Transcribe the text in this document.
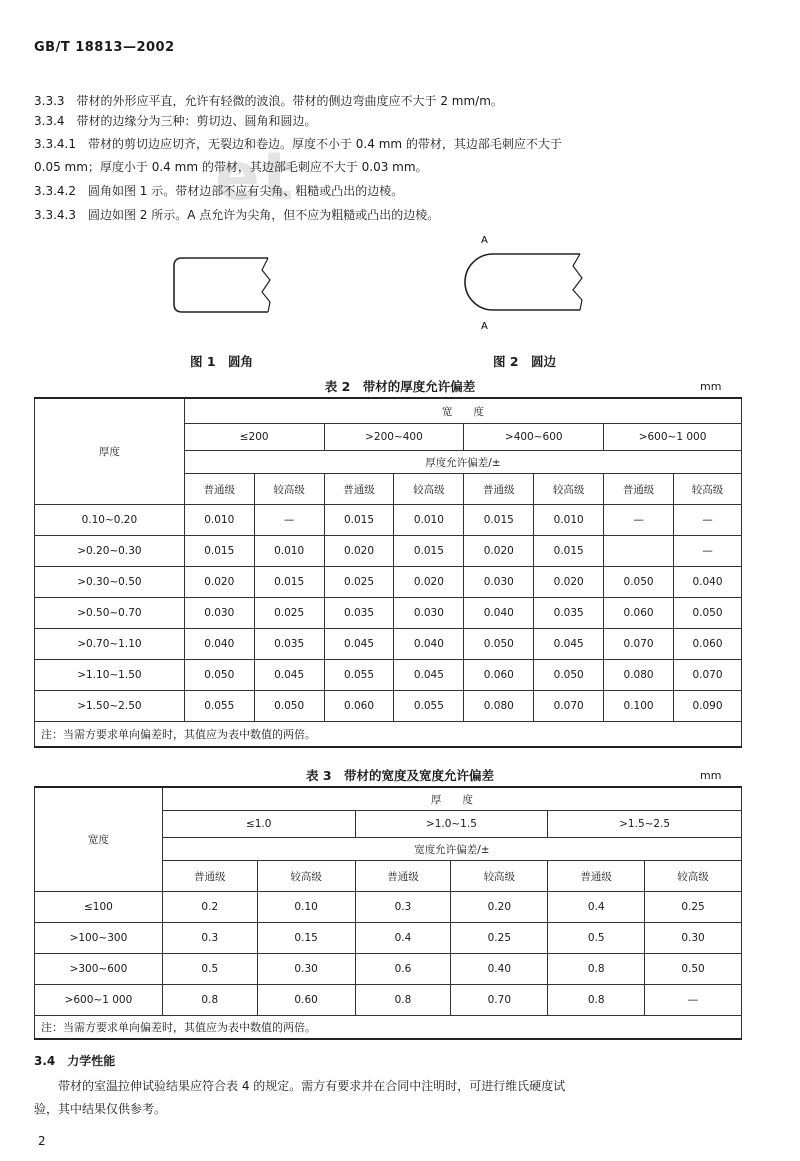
GB/T 18813—2002
et
3.3.3　带材的外形应平直，允许有轻微的波浪。带材的侧边弯曲度应不大于 2 mm/m。
3.3.4　带材的边缘分为三种：剪切边、圆角和圆边。
3.3.4.1　带材的剪切边应切齐，无裂边和卷边。厚度不小于 0.4 mm 的带材，其边部毛刺应不大于
0.05 mm；厚度小于 0.4 mm 的带材，其边部毛刺应不大于 0.03 mm。
3.3.4.2　圆角如图 1 示。带材边部不应有尖角、粗糙或凸出的边棱。
3.3.4.3　圆边如图 2 所示。A 点允许为尖角，但不应为粗糙或凸出的边棱。
A
A
图 1　圆角	图 2　圆边
表 2　带材的厚度允许偏差	mm
厚度	宽　　度							
	≤200		>200~400		>400~600		>600~1 000	
	厚度允许偏差/±							
	普通级	较高级	普通级	较高级	普通级	较高级	普通级	较高级
0.10~0.20	0.010	—	0.015	0.010	0.015	0.010	—	—
>0.20~0.30	0.015	0.010	0.020	0.015	0.020	0.015		—
>0.30~0.50	0.020	0.015	0.025	0.020	0.030	0.020	0.050	0.040
>0.50~0.70	0.030	0.025	0.035	0.030	0.040	0.035	0.060	0.050
>0.70~1.10	0.040	0.035	0.045	0.040	0.050	0.045	0.070	0.060
>1.10~1.50	0.050	0.045	0.055	0.045	0.060	0.050	0.080	0.070
>1.50~2.50	0.055	0.050	0.060	0.055	0.080	0.070	0.100	0.090
注：当需方要求单向偏差时，其值应为表中数值的两倍。								
表 3　带材的宽度及宽度允许偏差	mm
宽度	厚　　度					
	≤1.0		>1.0~1.5		>1.5~2.5	
	宽度允许偏差/±					
	普通级	较高级	普通级	较高级	普通级	较高级
≤100	0.2	0.10	0.3	0.20	0.4	0.25
>100~300	0.3	0.15	0.4	0.25	0.5	0.30
>300~600	0.5	0.30	0.6	0.40	0.8	0.50
>600~1 000	0.8	0.60	0.8	0.70	0.8	—
注：当需方要求单向偏差时，其值应为表中数值的两倍。						
3.4　力学性能
带材的室温拉伸试验结果应符合表 4 的规定。需方有要求并在合同中注明时，可进行维氏硬度试
验，其中结果仅供参考。
2
